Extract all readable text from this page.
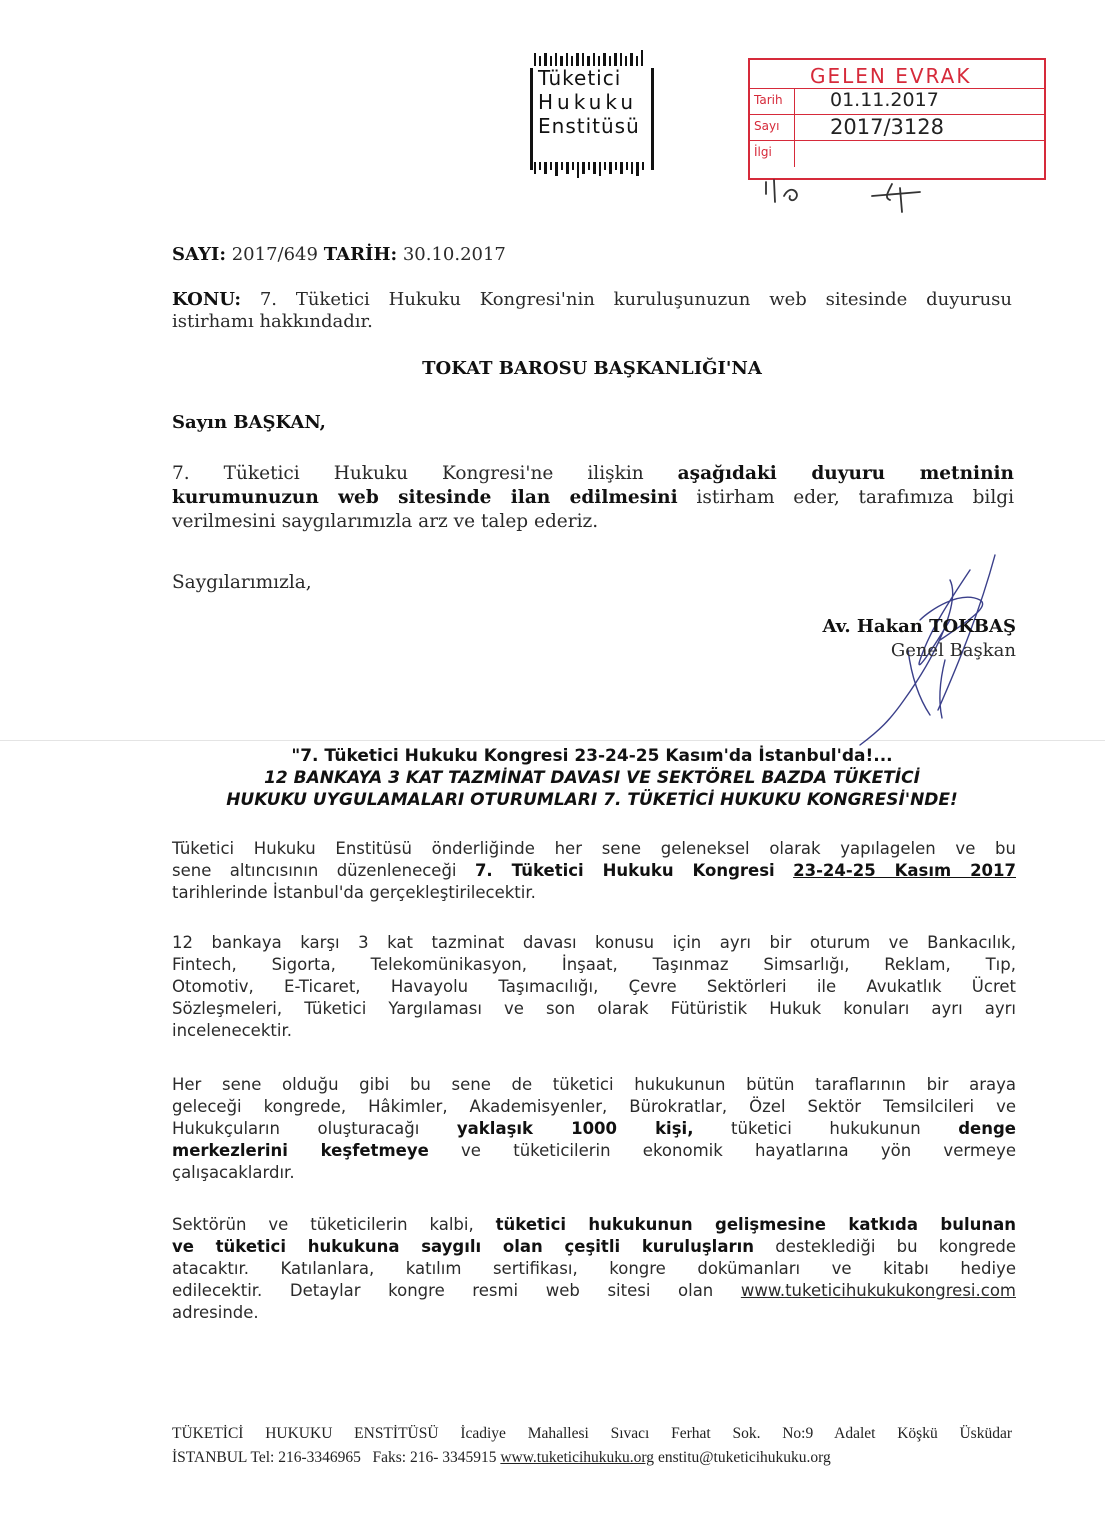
Tüketici
Hukuku
Enstitüsü
GELEN EVRAK
Tarih 01.11.2017
Sayı 2017/3128
İlgi
SAYI: 2017/649 TARİH: 30.10.2017
KONU: 7. Tüketici Hukuku Kongresi'nin kuruluşunuzun web sitesinde duyurusu
istirhamı hakkındadır.
TOKAT BAROSU BAŞKANLIĞI'NA
Sayın BAŞKAN,
7. Tüketici Hukuku Kongresi'ne ilişkin aşağıdaki duyuru metninin
kurumunuzun web sitesinde ilan edilmesini istirham eder, tarafımıza bilgi
verilmesini saygılarımızla arz ve talep ederiz.
Saygılarımızla,
Av. Hakan TOKBAŞ
Genel Başkan
"7. Tüketici Hukuku Kongresi 23-24-25 Kasım'da İstanbul'da!...
12 BANKAYA 3 KAT TAZMİNAT DAVASI VE SEKTÖREL BAZDA TÜKETİCİ
HUKUKU UYGULAMALARI OTURUMLARI 7. TÜKETİCİ HUKUKU KONGRESİ'NDE!
Tüketici Hukuku Enstitüsü önderliğinde her sene geleneksel olarak yapılagelen ve bu
sene altıncısının düzenleneceği 7. Tüketici Hukuku Kongresi 23-24-25 Kasım 2017
tarihlerinde İstanbul'da gerçekleştirilecektir.
12 bankaya karşı 3 kat tazminat davası konusu için ayrı bir oturum ve Bankacılık,
Fintech, Sigorta, Telekomünikasyon, İnşaat, Taşınmaz Simsarlığı, Reklam, Tıp,
Otomotiv, E-Ticaret, Havayolu Taşımacılığı, Çevre Sektörleri ile Avukatlık Ücret
Sözleşmeleri, Tüketici Yargılaması ve son olarak Fütüristik Hukuk konuları ayrı ayrı
incelenecektir.
Her sene olduğu gibi bu sene de tüketici hukukunun bütün taraflarının bir araya
geleceği kongrede, Hâkimler, Akademisyenler, Bürokratlar, Özel Sektör Temsilcileri ve
Hukukçuların oluşturacağı yaklaşık 1000 kişi, tüketici hukukunun denge
merkezlerini keşfetmeye ve tüketicilerin ekonomik hayatlarına yön vermeye
çalışacaklardır.
Sektörün ve tüketicilerin kalbi, tüketici hukukunun gelişmesine katkıda bulunan
ve tüketici hukukuna saygılı olan çeşitli kuruluşların desteklediği bu kongrede
atacaktır. Katılanlara, katılım sertifikası, kongre dokümanları ve kitabı hediye
edilecektir. Detaylar kongre resmi web sitesi olan www.tuketicihukukukongresi.com
adresinde.
TÜKETİCİ HUKUKU ENSTİTÜSÜ İcadiye Mahallesi Sıvacı Ferhat Sok. No:9 Adalet Köşkü Üsküdar
İSTANBUL Tel: 216-3346965 Faks: 216- 3345915 www.tuketicihukuku.org enstitu@tuketicihukuku.org
